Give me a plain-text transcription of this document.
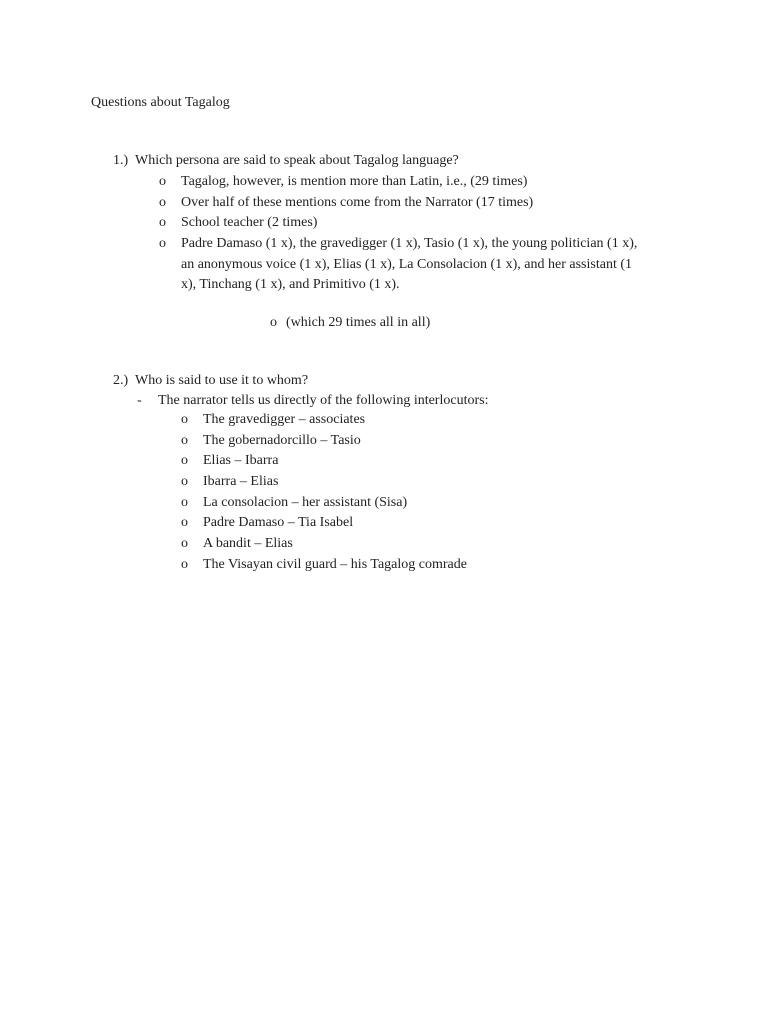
Questions about Tagalog
1.) Which persona are said to speak about Tagalog language?
o Tagalog, however, is mention more than Latin, i.e., (29 times)
o Over half of these mentions come from the Narrator (17 times)
o School teacher (2 times)
o Padre Damaso (1 x), the gravedigger (1 x), Tasio (1 x), the young politician (1 x),
an anonymous voice (1 x), Elias (1 x), La Consolacion (1 x), and her assistant (1
x), Tinchang (1 x), and Primitivo (1 x).
o (which 29 times all in all)
2.) Who is said to use it to whom?
- The narrator tells us directly of the following interlocutors:
o The gravedigger – associates
o The gobernadorcillo – Tasio
o Elias – Ibarra
o Ibarra – Elias
o La consolacion – her assistant (Sisa)
o Padre Damaso – Tia Isabel
o A bandit – Elias
o The Visayan civil guard – his Tagalog comrade
